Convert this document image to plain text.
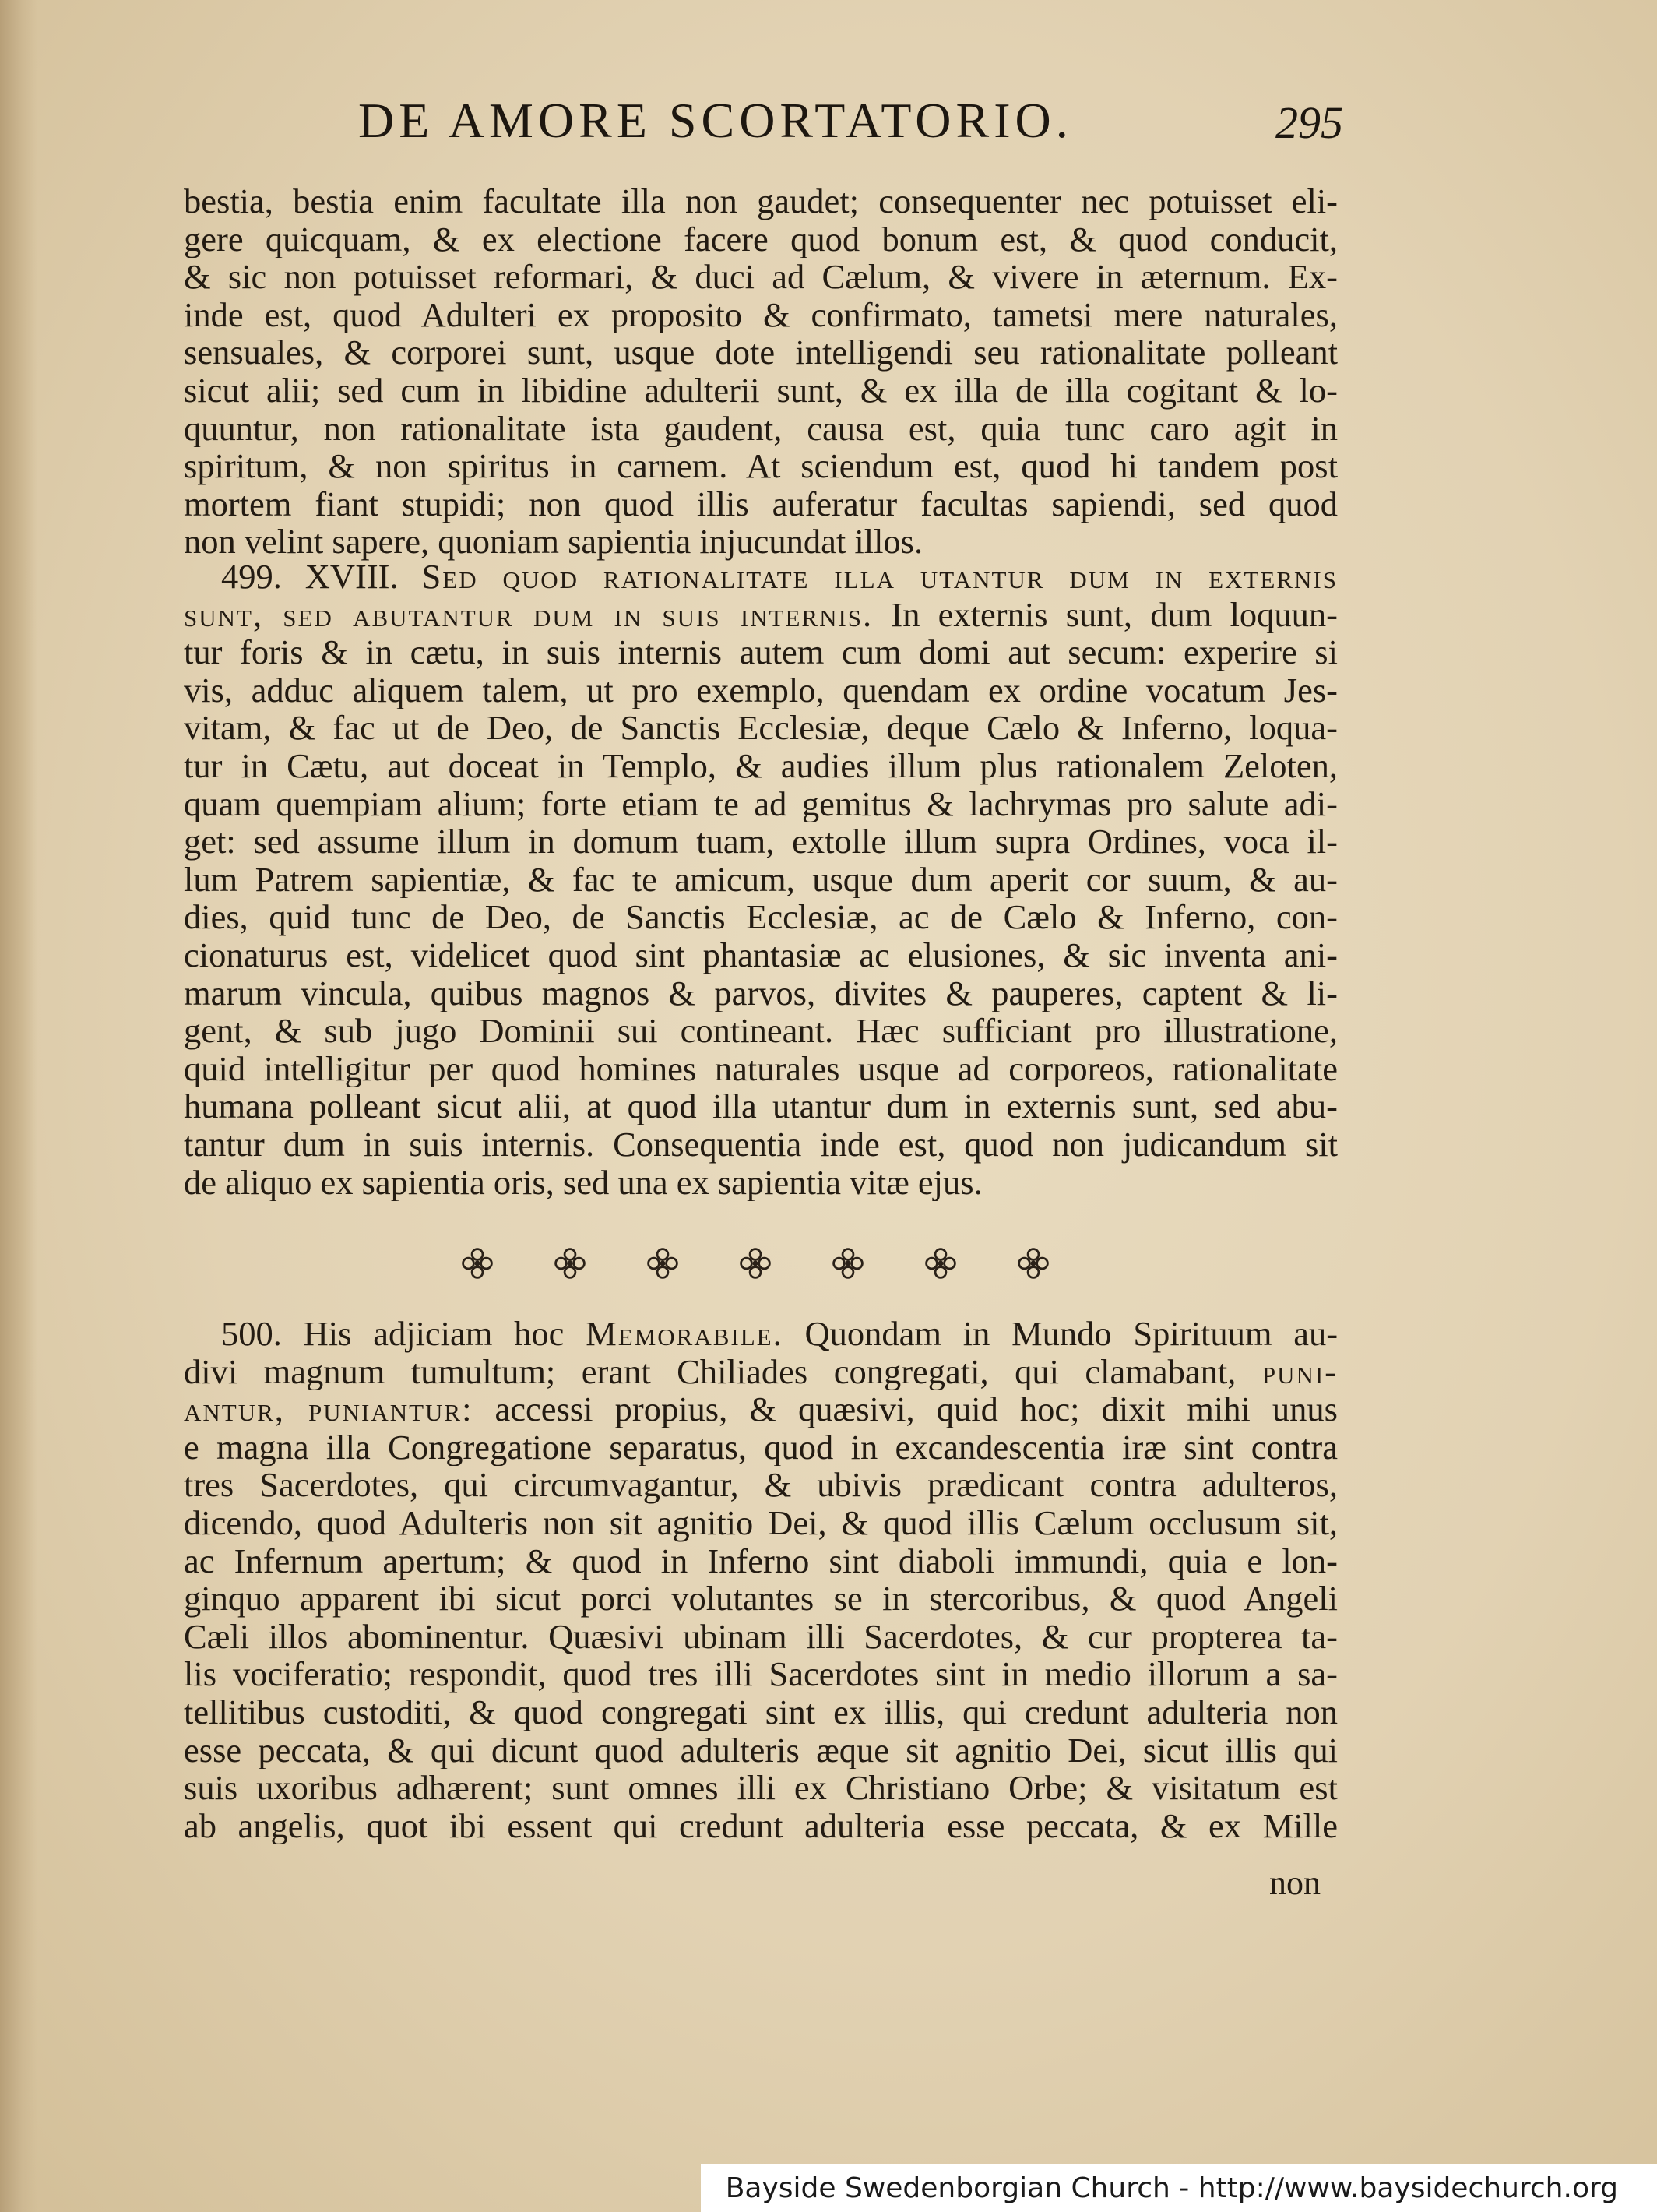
DE AMORE SCORTATORIO.	295
bestia, bestia enim facultate illa non gaudet; consequenter nec potuisset eli-
gere quicquam, & ex electione facere quod bonum est, & quod conducit,
& sic non potuisset reformari, & duci ad Cælum, & vivere in æternum. Ex-
inde est, quod Adulteri ex proposito & confirmato, tametsi mere naturales,
sensuales, & corporei sunt, usque dote intelligendi seu rationalitate polleant
sicut alii; sed cum in libidine adulterii sunt, & ex illa de illa cogitant & lo-
quuntur, non rationalitate ista gaudent, causa est, quia tunc caro agit in
spiritum, & non spiritus in carnem. At sciendum est, quod hi tandem post
mortem fiant stupidi; non quod illis auferatur facultas sapiendi, sed quod
non velint sapere, quoniam sapientia injucundat illos.
499. XVIII. Sed quod rationalitate illa utantur dum in externis
sunt, sed abutantur dum in suis internis. In externis sunt, dum loquun-
tur foris & in cætu, in suis internis autem cum domi aut secum: experire si
vis, adduc aliquem talem, ut pro exemplo, quendam ex ordine vocatum Jes-
vitam, & fac ut de Deo, de Sanctis Ecclesiæ, deque Cælo & Inferno, loqua-
tur in Cætu, aut doceat in Templo, & audies illum plus rationalem Zeloten,
quam quempiam alium; forte etiam te ad gemitus & lachrymas pro salute adi-
get: sed assume illum in domum tuam, extolle illum supra Ordines, voca il-
lum Patrem sapientiæ, & fac te amicum, usque dum aperit cor suum, & au-
dies, quid tunc de Deo, de Sanctis Ecclesiæ, ac de Cælo & Inferno, con-
cionaturus est, videlicet quod sint phantasiæ ac elusiones, & sic inventa ani-
marum vincula, quibus magnos & parvos, divites & pauperes, captent & li-
gent, & sub jugo Dominii sui contineant. Hæc sufficiant pro illustratione,
quid intelligitur per quod homines naturales usque ad corporeos, rationalitate
humana polleant sicut alii, at quod illa utantur dum in externis sunt, sed abu-
tantur dum in suis internis. Consequentia inde est, quod non judicandum sit
de aliquo ex sapientia oris, sed una ex sapientia vitæ ejus.
500. His adjiciam hoc Memorabile. Quondam in Mundo Spirituum au-
divi magnum tumultum; erant Chiliades congregati, qui clamabant, puni-
antur, puniantur: accessi propius, & quæsivi, quid hoc; dixit mihi unus
e magna illa Congregatione separatus, quod in excandescentia iræ sint contra
tres Sacerdotes, qui circumvagantur, & ubivis prædicant contra adulteros,
dicendo, quod Adulteris non sit agnitio Dei, & quod illis Cælum occlusum sit,
ac Infernum apertum; & quod in Inferno sint diaboli immundi, quia e lon-
ginquo apparent ibi sicut porci volutantes se in stercoribus, & quod Angeli
Cæli illos abominentur. Quæsivi ubinam illi Sacerdotes, & cur propterea ta-
lis vociferatio; respondit, quod tres illi Sacerdotes sint in medio illorum a sa-
tellitibus custoditi, & quod congregati sint ex illis, qui credunt adulteria non
esse peccata, & qui dicunt quod adulteris æque sit agnitio Dei, sicut illis qui
suis uxoribus adhærent; sunt omnes illi ex Christiano Orbe; & visitatum est
ab angelis, quot ibi essent qui credunt adulteria esse peccata, & ex Mille
non
Bayside Swedenborgian Church - http://www.baysidechurch.org
